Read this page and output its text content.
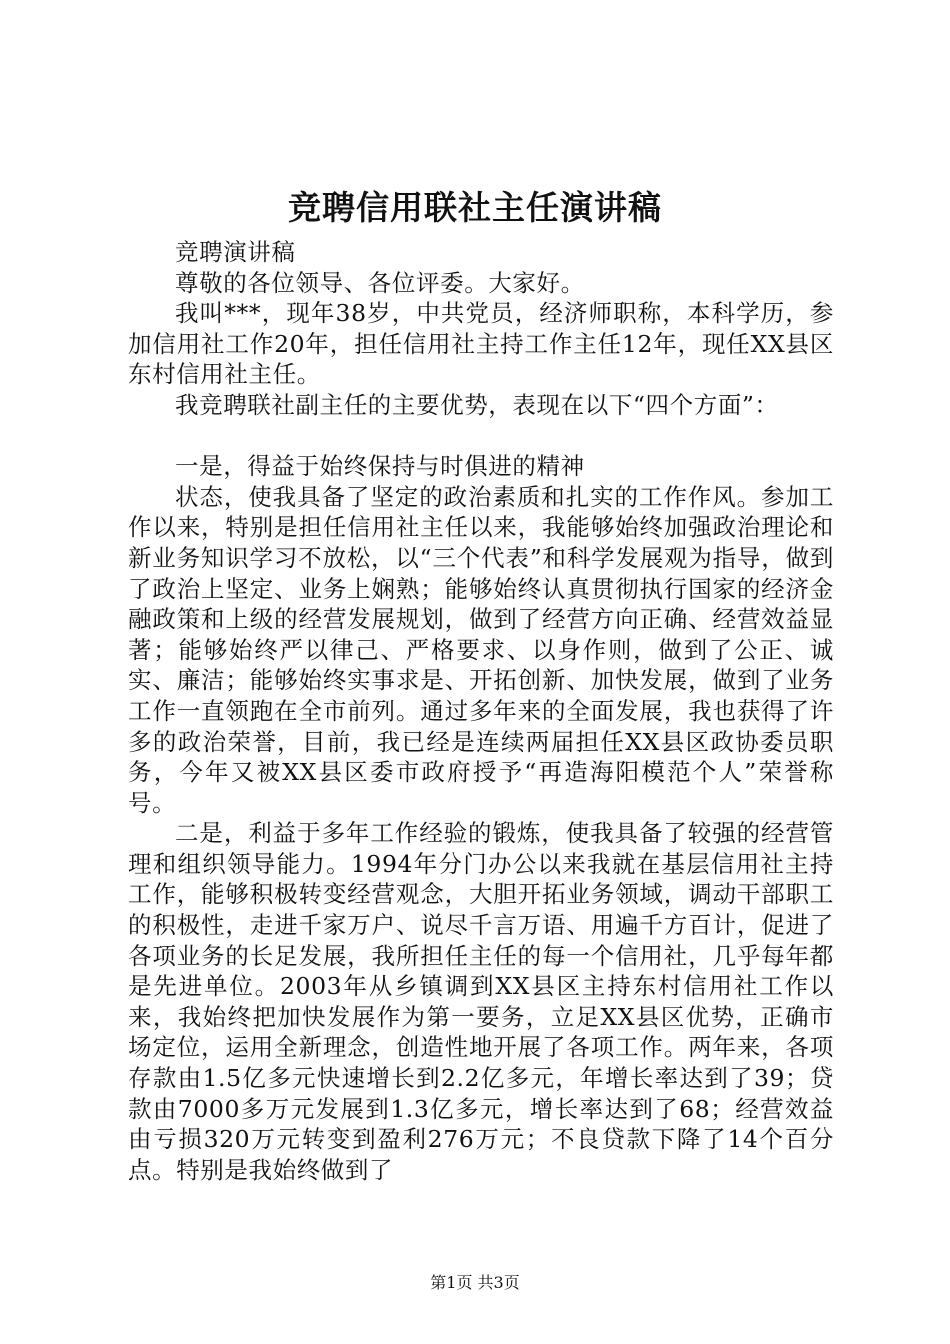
竞聘信用联社主任演讲稿

竞聘演讲稿

尊敬的各位领导、各位评委。大家好。

我叫***，现年38岁，中共党员，经济师职称，本科学历，参加信用社工作20年，担任信用社主持工作主任12年，现任XX县区东村信用社主任。

我竞聘联社副主任的主要优势，表现在以下“四个方面”：

一是，得益于始终保持与时俱进的精神

状态，使我具备了坚定的政治素质和扎实的工作作风。参加工作以来，特别是担任信用社主任以来，我能够始终加强政治理论和新业务知识学习不放松，以“三个代表”和科学发展观为指导，做到了政治上坚定、业务上娴熟；能够始终认真贯彻执行国家的经济金融政策和上级的经营发展规划，做到了经营方向正确、经营效益显著；能够始终严以律己、严格要求、以身作则，做到了公正、诚实、廉洁；能够始终实事求是、开拓创新、加快发展，做到了业务工作一直领跑在全市前列。通过多年来的全面发展，我也获得了许多的政治荣誉，目前，我已经是连续两届担任XX县区政协委员职务，今年又被XX县区委市政府授予“再造海阳模范个人”荣誉称号。

二是，利益于多年工作经验的锻炼，使我具备了较强的经营管理和组织领导能力。1994年分门办公以来我就在基层信用社主持工作，能够积极转变经营观念，大胆开拓业务领域，调动干部职工的积极性，走进千家万户、说尽千言万语、用遍千方百计，促进了各项业务的长足发展，我所担任主任的每一个信用社，几乎每年都是先进单位。2003年从乡镇调到XX县区主持东村信用社工作以来，我始终把加快发展作为第一要务，立足XX县区优势，正确市场定位，运用全新理念，创造性地开展了各项工作。两年来，各项存款由1.5亿多元快速增长到2.2亿多元，年增长率达到了39；贷款由7000多万元发展到1.3亿多元，增长率达到了68；经营效益由亏损320万元转变到盈利276万元；不良贷款下降了14个百分点。特别是我始终做到了

第1页 共3页
